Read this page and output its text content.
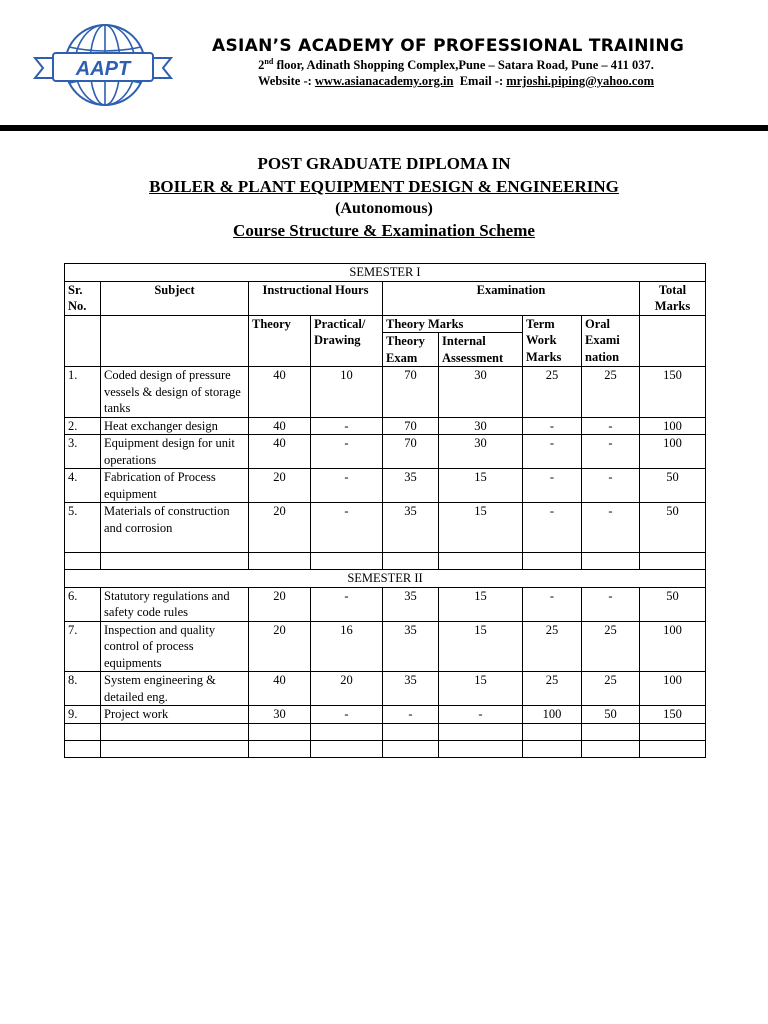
AAPT
ASIAN’S ACADEMY OF PROFESSIONAL TRAINING
2nd floor, Adinath Shopping Complex,Pune – Satara Road, Pune – 411 037.
Website -: www.asianacademy.org.in Email -: mrjoshi.piping@yahoo.com
POST GRADUATE DIPLOMA IN
BOILER & PLANT EQUIPMENT DESIGN & ENGINEERING
(Autonomous)
Course Structure & Examination Scheme
SEMESTER I								
Sr. No.	Subject	Instructional Hours		Examination				Total Marks
		Theory	Practical/ Drawing	Theory Marks		Term Work Marks	Oral Exami nation	
				Theory Exam	Internal Assessment			
1.	Coded design of pressure vessels & design of storage tanks	40	10	70	30	25	25	150
2.	Heat exchanger design	40	-	70	30	-	-	100
3.	Equipment design for unit operations	40	-	70	30	-	-	100
4.	Fabrication of Process equipment	20	-	35	15	-	-	50
5.	Materials of construction and corrosion	20	-	35	15	-	-	50

SEMESTER II								
6.	Statutory regulations and safety code rules	20	-	35	15	-	-	50
7.	Inspection and quality control of process equipments	20	16	35	15	25	25	100
8.	System engineering & detailed eng.	40	20	35	15	25	25	100
9.	Project work	30	-	-	-	100	50	150
